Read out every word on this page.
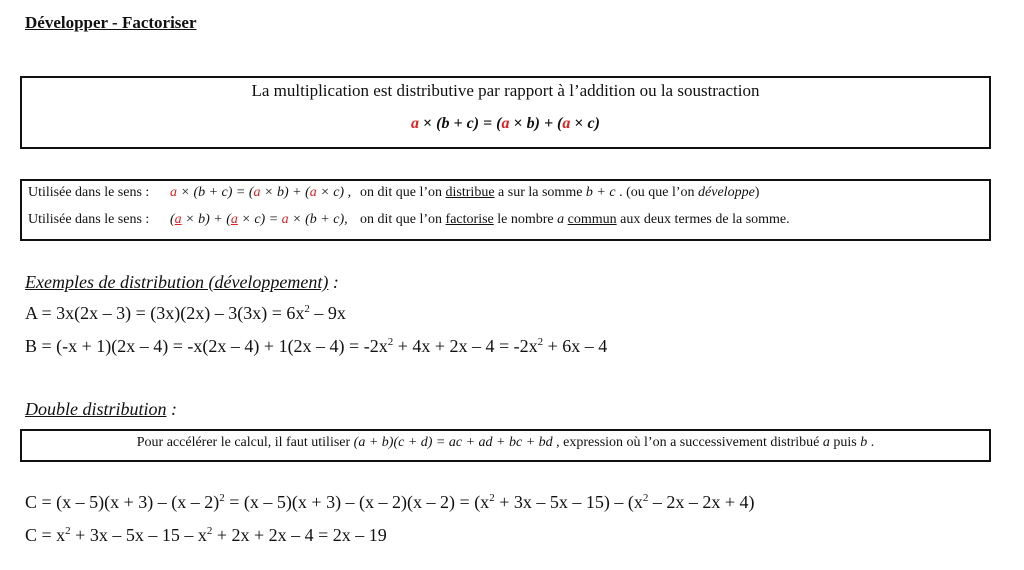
Développer - Factoriser
La multiplication est distributive par rapport à l’addition ou la soustraction
a × (b + c) = (a × b) + (a × c)
Utilisée dans le sens : a × (b + c) = (a × b) + (a × c) , on dit que l’on distribue a sur la somme b + c . (ou que l’on développe)
Utilisée dans le sens : (a × b) + (a × c) = a × (b + c), on dit que l’on factorise le nombre a commun aux deux termes de la somme.
Exemples de distribution (développement) :
$A = 3x(2x - 3) = (3x)(2x) - 3(3x) = 6x^2 - 9x$
$B = (-x + 1)(2x - 4) = -x(2x - 4) + 1(2x - 4) = -2x^2 + 4x + 2x - 4 = -2x^2 + 6x - 4$
Double distribution :
Pour accélérer le calcul, il faut utiliser (a + b)(c + d) = ac + ad + bc + bd , expression où l’on a successivement distribué a puis b .
$C = (x - 5)(x + 3) - (x - 2)^2 = (x - 5)(x + 3) - (x - 2)(x - 2) = (x^2 + 3x - 5x - 15) - (x^2 - 2x - 2x + 4)$
$C = x^2 + 3x - 5x - 15 - x^2 + 2x + 2x - 4 = 2x - 19$
